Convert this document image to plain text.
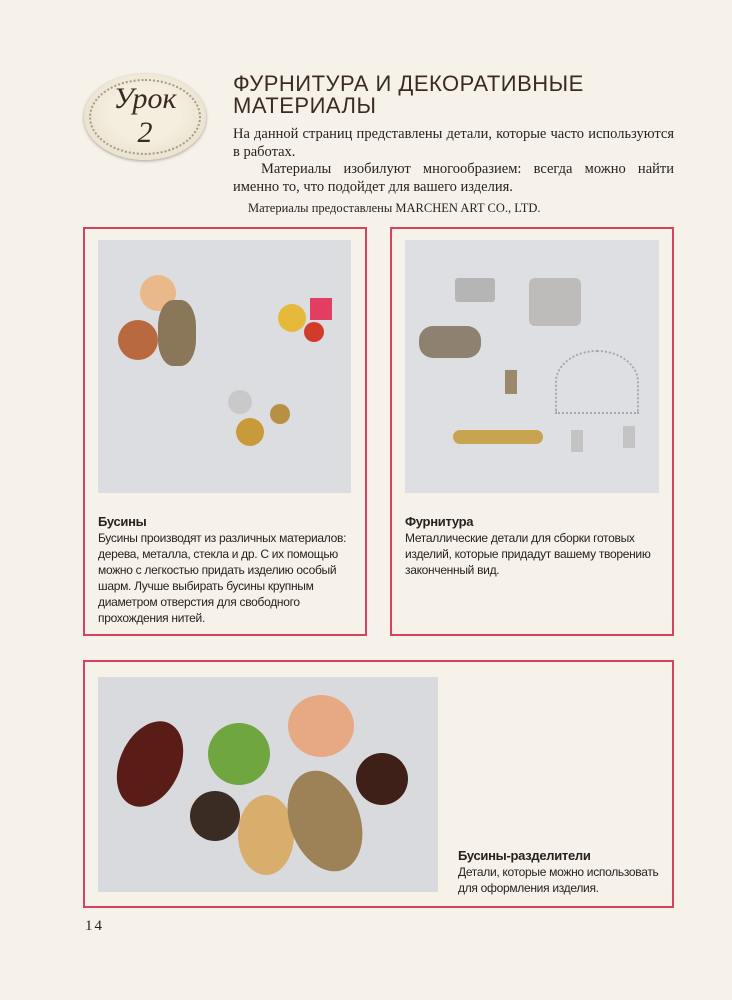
Урок
2
ФУРНИТУРА И ДЕКОРАТИВНЫЕ
МАТЕРИАЛЫ

На данной страниц представлены детали, которые часто используются в работах.

Материалы изобилуют многообразием: всегда можно найти именно то, что подойдет для вашего изделия.

Материалы предоставлены MARCHEN ART CO., LTD.
Бусины
Бусины производят из различных материалов: дерева, металла, стекла и др. С их помощью можно с легкостью придать изделию особый шарм. Лучше выбирать бусины крупным диаметром отверстия для свободного прохождения нитей.
Фурнитура
Металлические детали для сборки готовых изделий, которые придадут вашему творению законченный вид.
Бусины-разделители
Детали, которые можно использовать для оформления изделия.
14
